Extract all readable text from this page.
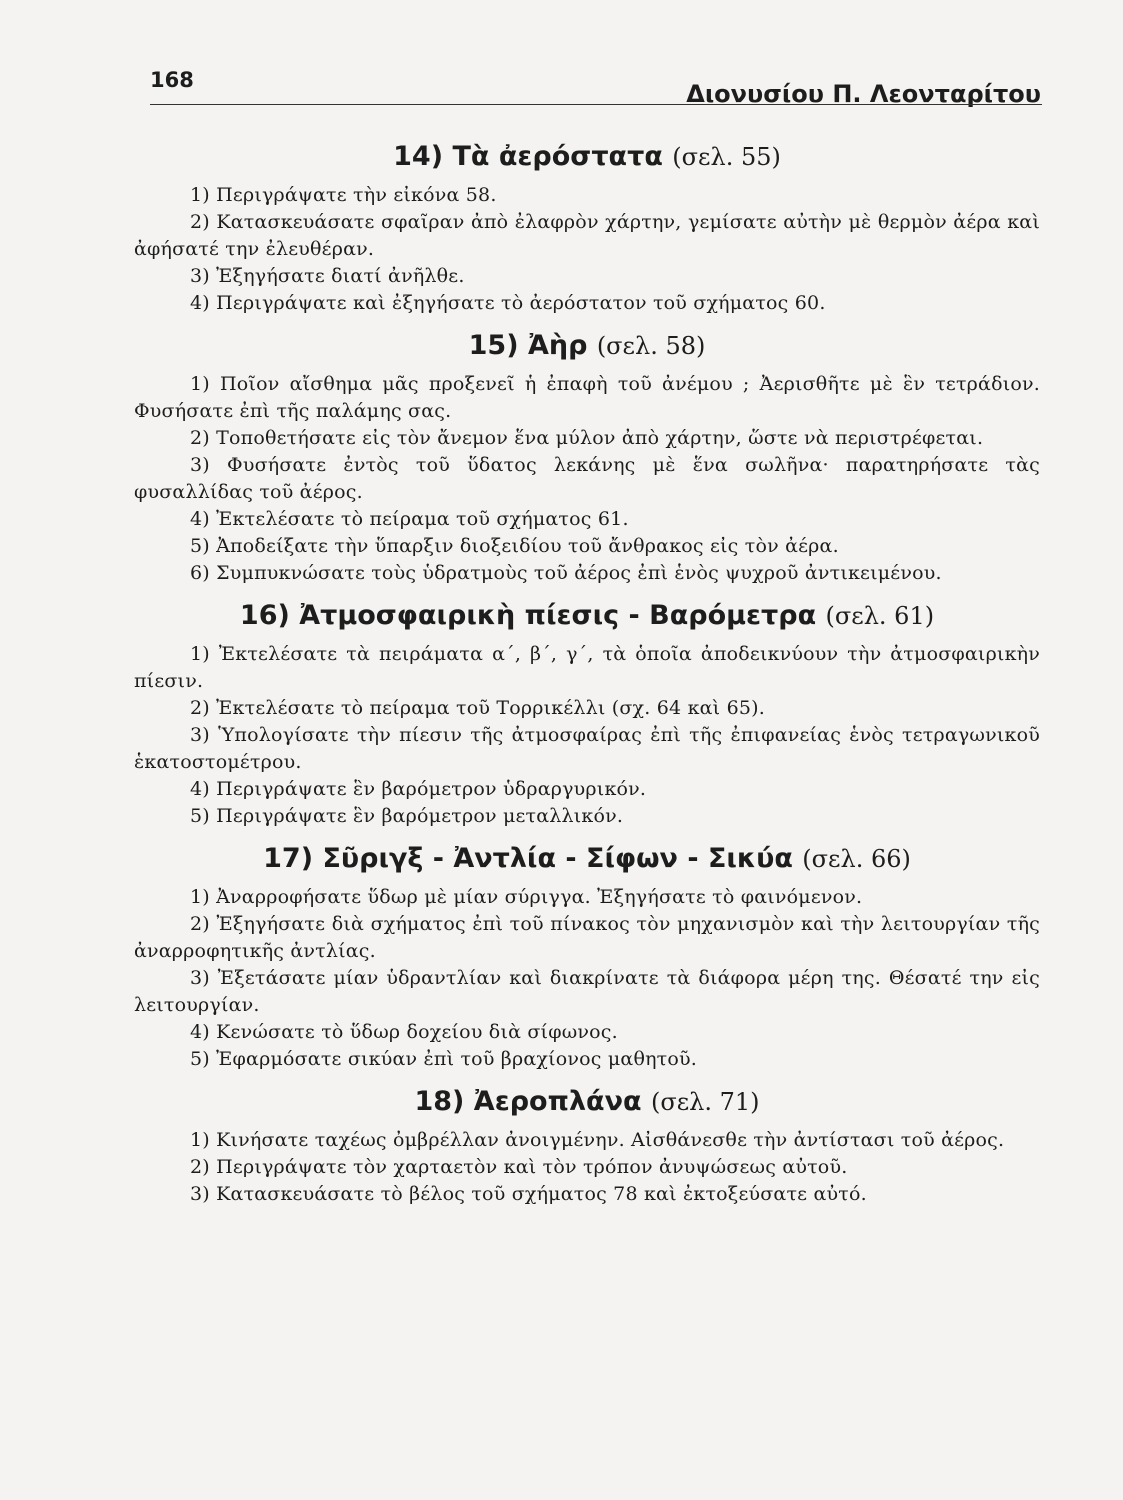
168	Διονυσίου Π. Λεονταρίτου
14) Τὰ ἀερόστατα (σελ. 55)

1) Περιγράψατε τὴν εἰκόνα 58.

2) Κατασκευάσατε σφαῖραν ἀπὸ ἐλαφρὸν χάρτην, γεμίσατε αὐτὴν μὲ θερμὸν ἀέρα καὶ ἀφήσατέ την ἐλευθέραν.

3) Ἐξηγήσατε διατί ἀνῆλθε.

4) Περιγράψατε καὶ ἐξηγήσατε τὸ ἀερόστατον τοῦ σχήματος 60.

15) Ἀὴρ (σελ. 58)

1) Ποῖον αἴσθημα μᾶς προξενεῖ ἡ ἐπαφὴ τοῦ ἀνέμου ; Ἀερισθῆτε μὲ ἓν τετράδιον. Φυσήσατε ἐπὶ τῆς παλάμης σας.

2) Τοποθετήσατε εἰς τὸν ἄνεμον ἕνα μύλον ἀπὸ χάρτην, ὥστε νὰ περιστρέφεται.

3) Φυσήσατε ἐντὸς τοῦ ὕδατος λεκάνης μὲ ἕνα σωλῆνα· παρατηρήσατε τὰς φυσαλλίδας τοῦ ἀέρος.

4) Ἐκτελέσατε τὸ πείραμα τοῦ σχήματος 61.

5) Ἀποδείξατε τὴν ὕπαρξιν διοξειδίου τοῦ ἄνθρακος εἰς τὸν ἀέρα.

6) Συμπυκνώσατε τοὺς ὑδρατμοὺς τοῦ ἀέρος ἐπὶ ἑνὸς ψυχροῦ ἀντικειμένου.

16) Ἀτμοσφαιρικὴ πίεσις - Βαρόμετρα (σελ. 61)

1) Ἐκτελέσατε τὰ πειράματα α΄, β΄, γ΄, τὰ ὁποῖα ἀποδεικνύουν τὴν ἀτμοσφαιρικὴν πίεσιν.

2) Ἐκτελέσατε τὸ πείραμα τοῦ Τορρικέλλι (σχ. 64 καὶ 65).

3) Ὑπολογίσατε τὴν πίεσιν τῆς ἀτμοσφαίρας ἐπὶ τῆς ἐπιφανείας ἑνὸς τετραγωνικοῦ ἑκατοστομέτρου.

4) Περιγράψατε ἓν βαρόμετρον ὑδραργυρικόν.

5) Περιγράψατε ἓν βαρόμετρον μεταλλικόν.

17) Σῦριγξ - Ἀντλία - Σίφων - Σικύα (σελ. 66)

1) Ἀναρροφήσατε ὕδωρ μὲ μίαν σύριγγα. Ἐξηγήσατε τὸ φαινόμενον.

2) Ἐξηγήσατε διὰ σχήματος ἐπὶ τοῦ πίνακος τὸν μηχανισμὸν καὶ τὴν λειτουργίαν τῆς ἀναρροφητικῆς ἀντλίας.

3) Ἐξετάσατε μίαν ὑδραντλίαν καὶ διακρίνατε τὰ διάφορα μέρη της. Θέσατέ την εἰς λειτουργίαν.

4) Κενώσατε τὸ ὕδωρ δοχείου διὰ σίφωνος.

5) Ἐφαρμόσατε σικύαν ἐπὶ τοῦ βραχίονος μαθητοῦ.

18) Ἀεροπλάνα (σελ. 71)

1) Κινήσατε ταχέως ὀμβρέλλαν ἀνοιγμένην. Αἰσθάνεσθε τὴν ἀντίστασι τοῦ ἀέρος.

2) Περιγράψατε τὸν χαρταετὸν καὶ τὸν τρόπον ἀνυψώσεως αὐτοῦ.

3) Κατασκευάσατε τὸ βέλος τοῦ σχήματος 78 καὶ ἐκτοξεύσατε αὐτό.
